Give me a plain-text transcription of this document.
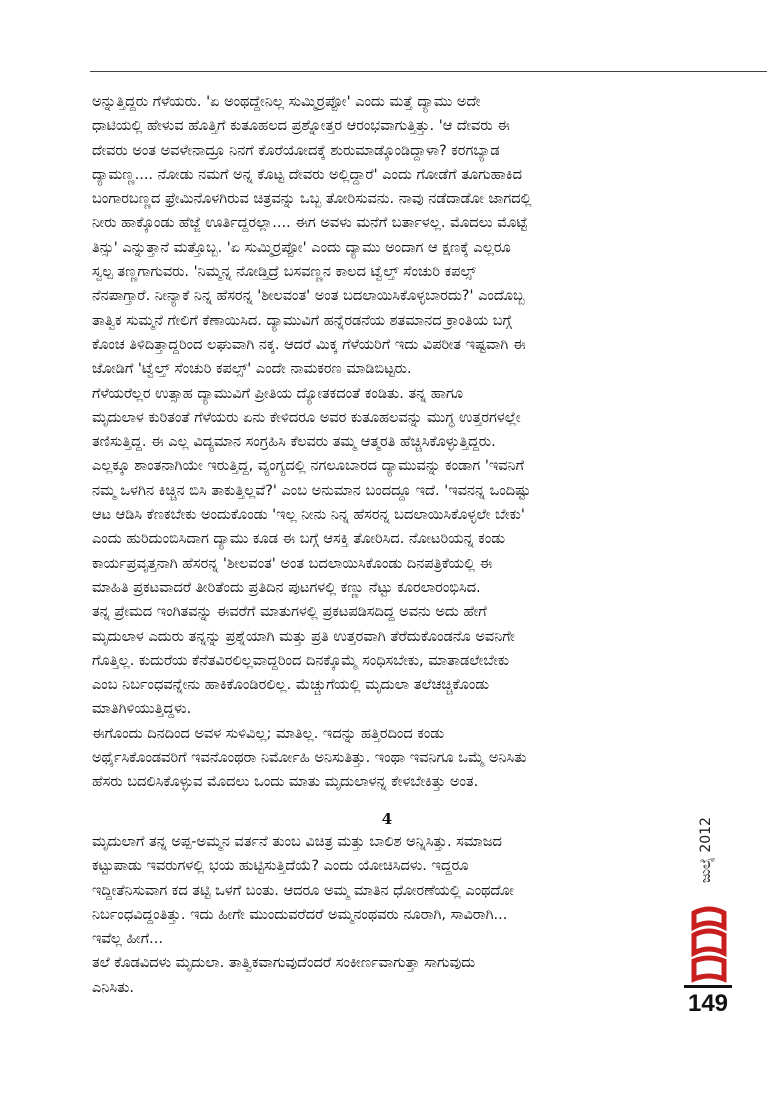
ಅನ್ನುತ್ತಿದ್ದರು ಗೆಳೆಯರು. 'ಏ ಅಂಥದ್ದೇನಿಲ್ಲ ಸುಮ್ಮಿರ್ರಪ್ಪೋ' ಎಂದು ಮತ್ತೆ ದ್ಯಾಮು ಅದೇ
ಧಾಟಿಯಲ್ಲಿ ಹೇಳುವ ಹೊತ್ತಿಗೆ ಕುತೂಹಲದ ಪ್ರಶ್ನೋತ್ತರ ಆರಂಭವಾಗುತ್ತಿತ್ತು. 'ಆ ದೇವರು ಈ
ದೇವರು ಅಂತ ಅವಳೇನಾದ್ರೂ ನಿನಗೆ ಕೊರೆಯೋದಕ್ಕೆ ಶುರುಮಾಡ್ಕೊಂಡಿದ್ದಾಳಾ? ಕರಗಬ್ಯಾಡ
ದ್ಯಾಮಣ್ಣ.... ನೋಡು ನಮಗೆ ಅನ್ನ ಕೊಟ್ಟ ದೇವರು ಅಲ್ಲಿದ್ದಾರೆ' ಎಂದು ಗೋಡೆಗೆ ತೂಗುಹಾಕಿದ
ಬಂಗಾರಬಣ್ಣದ ಫ್ರೇಮಿನೊಳಗಿರುವ ಚಿತ್ರವನ್ನು ಒಬ್ಬ ತೋರಿಸುವನು. ನಾವು ನಡೆದಾಡೋ ಜಾಗದಲ್ಲಿ
ನೀರು ಹಾಕ್ಕೊಂಡು ಹೆಜ್ಜೆ ಊರ್ತಿದ್ದರಲ್ಲಾ.... ಈಗ ಅವಳು ಮನೆಗೆ ಬರ್ತಾಳಲ್ಲ. ಮೊದಲು ಮೊಟ್ಟೆ
ತಿನ್ಸು' ಎನ್ನುತ್ತಾನೆ ಮತ್ತೊಬ್ಬ. 'ಏ ಸುಮ್ಮಿರ್ರಪ್ಪೋ' ಎಂದು ದ್ಯಾಮು ಅಂದಾಗ ಆ ಕ್ಷಣಕ್ಕೆ ಎಲ್ಲರೂ
ಸ್ವಲ್ಪ ತಣ್ಣಗಾಗುವರು. 'ನಿಮ್ಮನ್ನ ನೋಡ್ತಿದ್ರೆ ಬಸವಣ್ಣನ ಕಾಲದ ಟ್ವೆಲ್ತ್ ಸೆಂಚುರಿ ಕಪಲ್ಸ್
ನೆನಪಾಗ್ತಾರೆ. ನೀನ್ಯಾಕೆ ನಿನ್ನ ಹೆಸರನ್ನ 'ಶೀಲವಂತ' ಅಂತ ಬದಲಾಯಿಸಿಕೊಳ್ಳಬಾರದು?' ಎಂದೊಬ್ಬ
ತಾತ್ವಿಕ ಸುಮ್ಮನೆ ಗೇಲಿಗೆ ಕೆಣಾಯಿಸಿದ. ದ್ಯಾಮುವಿಗೆ ಹನ್ನೆರಡನೆಯ ಶತಮಾನದ ಕ್ರಾಂತಿಯ ಬಗ್ಗೆ
ಕೊಂಚ ತಿಳಿದಿತ್ತಾದ್ದರಿಂದ ಲಘುವಾಗಿ ನಕ್ಕ. ಆದರೆ ಮಿಕ್ಕ ಗೆಳೆಯರಿಗೆ ಇದು ವಿಪರೀತ ಇಷ್ಟವಾಗಿ ಈ
ಜೋಡಿಗೆ 'ಟ್ವೆಲ್ತ್ ಸೆಂಚುರಿ ಕಪಲ್ಸ್' ಎಂದೇ ನಾಮಕರಣ ಮಾಡಿಬಿಟ್ಟರು.
ಗೆಳೆಯರೆಲ್ಲರ ಉತ್ಸಾಹ ದ್ಯಾಮುವಿಗೆ ಪ್ರೀತಿಯ ದ್ಯೋತಕದಂತೆ ಕಂಡಿತು. ತನ್ನ ಹಾಗೂ
ಮೃದುಲಾಳ ಕುರಿತಂತೆ ಗೆಳೆಯರು ಏನು ಕೇಳಿದರೂ ಅವರ ಕುತೂಹಲವನ್ನು ಮುಗ್ಧ ಉತ್ತರಗಳಲ್ಲೇ
ತಣಿಸುತ್ತಿದ್ದ. ಈ ಎಲ್ಲ ವಿದ್ಯಮಾನ ಸಂಗ್ರಹಿಸಿ ಕೆಲವರು ತಮ್ಮ ಆತ್ಮರತಿ ಹೆಚ್ಚಿಸಿಕೊಳ್ಳುತ್ತಿದ್ದರು.
ಎಲ್ಲಕ್ಕೂ ಶಾಂತನಾಗಿಯೇ ಇರುತ್ತಿದ್ದ, ವ್ಯಂಗ್ಯದಲ್ಲಿ ನಗಲೂಬಾರದ ದ್ಯಾಮುವನ್ನು ಕಂಡಾಗ 'ಇವನಿಗೆ
ನಮ್ಮ ಒಳಗಿನ ಕಿಚ್ಚಿನ ಬಿಸಿ ತಾಕುತ್ತಿಲ್ಲವೆ?' ಎಂಬ ಅನುಮಾನ ಬಂದದ್ದೂ ಇದೆ. 'ಇವನನ್ನ ಒಂದಿಷ್ಟು
ಆಟ ಆಡಿಸಿ ಕೆಣಕಬೇಕು ಅಂದುಕೊಂಡು 'ಇಲ್ಲ ನೀನು ನಿನ್ನ ಹೆಸರನ್ನ ಬದಲಾಯಿಸಿಕೊಳ್ಳಲೇ ಬೇಕು'
ಎಂದು ಹುರಿದುಂಬಿಸಿದಾಗ ದ್ಯಾಮು ಕೂಡ ಈ ಬಗ್ಗೆ ಆಸಕ್ತಿ ತೋರಿಸಿದ. ನೋಟರಿಯನ್ನ ಕಂಡು
ಕಾರ್ಯಪ್ರವೃತ್ತನಾಗಿ ಹೆಸರನ್ನ 'ಶೀಲವಂತ' ಅಂತ ಬದಲಾಯಿಸಿಕೊಂಡು ದಿನಪತ್ರಿಕೆಯಲ್ಲಿ ಈ
ಮಾಹಿತಿ ಪ್ರಕಟವಾದರೆ ತೀರಿತೆಂದು ಪ್ರತಿದಿನ ಪುಟಗಳಲ್ಲಿ ಕಣ್ಣು ನೆಟ್ಟು ಕೂರಲಾರಂಭಿಸಿದ.
ತನ್ನ ಪ್ರೇಮದ ಇಂಗಿತವನ್ನು ಈವರೆಗೆ ಮಾತುಗಳಲ್ಲಿ ಪ್ರಕಟಪಡಿಸದಿದ್ದ ಅವನು ಅದು ಹೇಗೆ
ಮೃದುಲಾಳ ಎದುರು ತನ್ನನ್ನು ಪ್ರಶ್ನೆಯಾಗಿ ಮತ್ತು ಪ್ರತಿ ಉತ್ತರವಾಗಿ ತೆರೆದುಕೊಂಡನೊ ಅವನಿಗೇ
ಗೊತ್ತಿಲ್ಲ. ಕುದುರೆಯ ಕೆನೆತವಿರಲಿಲ್ಲವಾದ್ದರಿಂದ ದಿನಕ್ಕೊಮ್ಮೆ ಸಂಧಿಸಬೇಕು, ಮಾತಾಡಲೇಬೇಕು
ಎಂಬ ನಿರ್ಬಂಧವನ್ನೇನು ಹಾಕಿಕೊಂಡಿರಲಿಲ್ಲ. ಮೆಚ್ಚುಗೆಯಲ್ಲಿ ಮೃದುಲಾ ತಲೆಚಚ್ಚಿಕೊಂಡು
ಮಾತಿಗಿಳಿಯುತ್ತಿದ್ದಳು.
ಈಗೊಂದು ದಿನದಿಂದ ಅವಳ ಸುಳಿವಿಲ್ಲ; ಮಾತಿಲ್ಲ. ಇದನ್ನು ಹತ್ತಿರದಿಂದ ಕಂಡು
ಅರ್ಥೈಸಿಕೊಂಡವರಿಗೆ ಇವನೊಂಥರಾ ನಿರ್ಮೋಹಿ ಅನಿಸುತಿತ್ತು. ಇಂಥಾ ಇವನಿಗೂ ಒಮ್ಮೆ ಅನಿಸಿತು
ಹೆಸರು ಬದಲಿಸಿಕೊಳ್ಳುವ ಮೊದಲು ಒಂದು ಮಾತು ಮೃದುಲಾಳನ್ನ ಕೇಳಬೇಕಿತ್ತು ಅಂತ.
4
ಮೃದುಲಾಗೆ ತನ್ನ ಅಪ್ಪ-ಅಮ್ಮನ ವರ್ತನೆ ತುಂಬ ವಿಚಿತ್ರ ಮತ್ತು ಬಾಲಿಶ ಅನ್ನಿಸಿತ್ತು. ಸಮಾಜದ
ಕಟ್ಟುಪಾಡು ಇವರುಗಳಲ್ಲಿ ಭಯ ಹುಟ್ಟಿಸುತ್ತಿದೆಯೆ? ಎಂದು ಯೋಚಿಸಿದಳು. ಇದ್ದರೂ
ಇದ್ದೀತೆನಿಸುವಾಗ ಕದ ತಟ್ಟಿ ಒಳಗೆ ಬಂತು. ಆದರೂ ಅಮ್ಮ ಮಾತಿನ ಧೋರಣೆಯಲ್ಲಿ ಎಂಥದೋ
ನಿರ್ಬಂಧವಿದ್ದಂತಿತ್ತು. ಇದು ಹೀಗೇ ಮುಂದುವರೆದರೆ ಅಮ್ಮನಂಥವರು ನೂರಾಗಿ, ಸಾವಿರಾಗಿ...
ಇವೆಲ್ಲ ಹೀಗೆ...
ತಲೆ ಕೊಡವಿದಳು ಮೃದುಲಾ. ತಾತ್ವಿಕವಾಗುವುದೆಂದರೆ ಸಂಕೀರ್ಣವಾಗುತ್ತಾ ಸಾಗುವುದು
ಎನಿಸಿತು.
ಜುಲೈ 2012
149
